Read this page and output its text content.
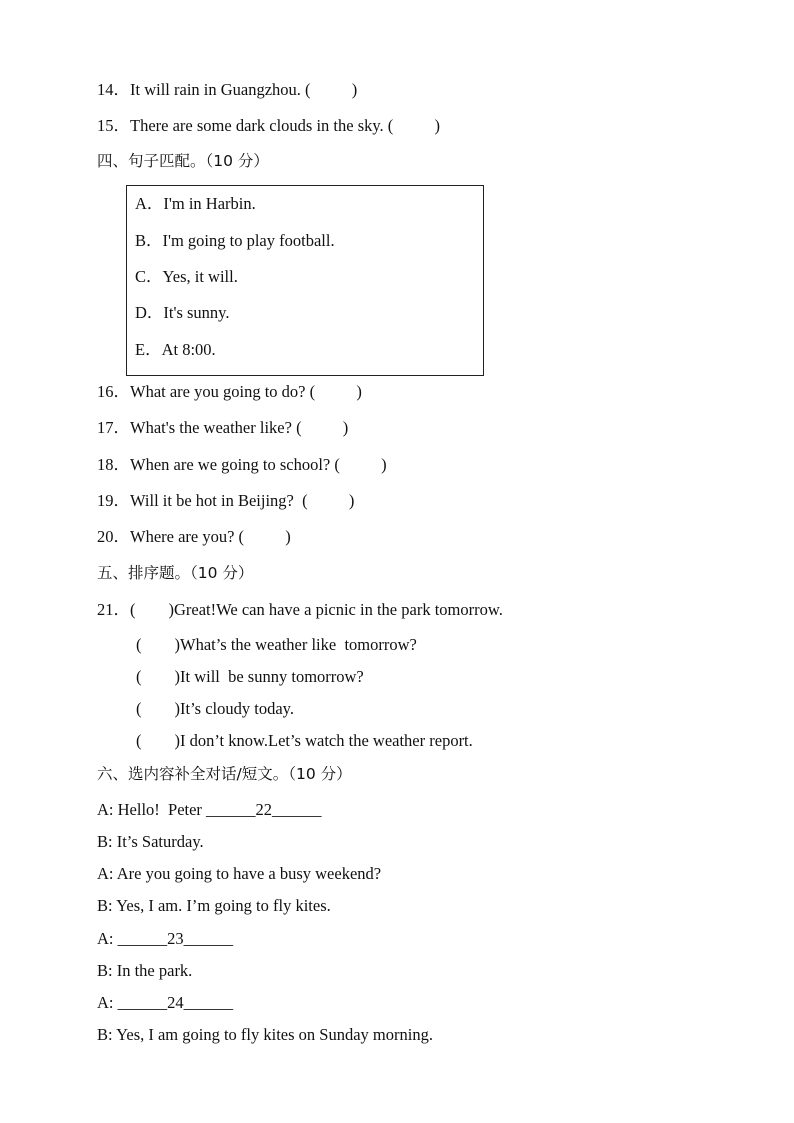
14．It will rain in Guangzhou. (          )
15．There are some dark clouds in the sky. (          )
四、句子匹配。（10 分）
A．I'm in Harbin.
B．I'm going to play football.
C．Yes, it will.
D．It's sunny.
E．At 8:00.
16．What are you going to do? (          )
17．What's the weather like? (          )
18．When are we going to school? (          )
19．Will it be hot in Beijing?  (          )
20．Where are you? (          )
五、排序题。（10 分）
21．(        )Great!We can have a picnic in the park tomorrow.
(        )What’s the weather like  tomorrow?
(        )It will  be sunny tomorrow?
(        )It’s cloudy today.
(        )I don’t know.Let’s watch the weather report.
六、选内容补全对话/短文。（10 分）
A: Hello!  Peter ______22______
B: It’s Saturday.
A: Are you going to have a busy weekend?
B: Yes, I am. I’m going to fly kites.
A: ______23______
B: In the park.
A: ______24______
B: Yes, I am going to fly kites on Sunday morning.
